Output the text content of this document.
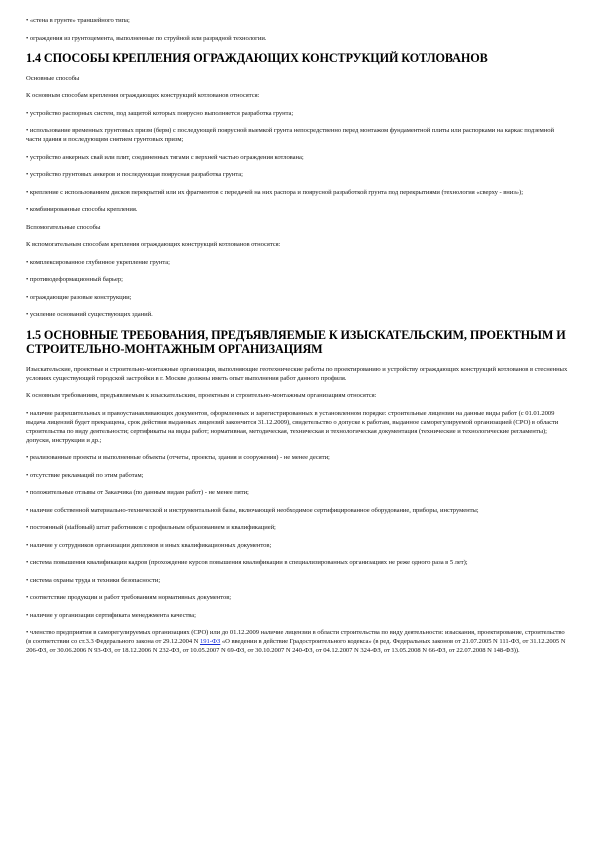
• «стена в грунте» траншейного типа;

• ограждения из грунтоцемента, выполненные по струйной или разрядной технологии.

1.4 СПОСОБЫ КРЕПЛЕНИЯ ОГРАЖДАЮЩИХ КОНСТРУКЦИЙ КОТЛОВАНОВ

Основные способы

К основным способам крепления ограждающих конструкций котлованов относятся:

• устройство распорных систем, под защитой которых поярусно выполняется разработка грунта;

• использование временных грунтовых призм (берм) с последующей поярусной выемкой грунта непосредственно перед монтажом фундаментной плиты или распорками на каркас подземной части здания и последующим снятием грунтовых призм;

• устройство анкерных свай или плит, соединенных тягами с верхней частью ограждения котлована;

• устройство грунтовых анкеров и последующая поярусная разработка грунта;

• крепление с использованием дисков перекрытий или их фрагментов с передачей на них распора и поярусной разработкой грунта под перекрытиями (технология «сверху - вниз»);

• комбинированные способы крепления.

Вспомогательные способы

К вспомогательным способам крепления ограждающих конструкций котлованов относятся:

• комплексированное глубинное укрепление грунта;

• противодеформационный барьер;

• ограждающие разовые конструкции;

• усиление оснований существующих зданий.

1.5 ОСНОВНЫЕ ТРЕБОВАНИЯ, ПРЕДЪЯВЛЯЕМЫЕ К ИЗЫСКАТЕЛЬСКИМ, ПРОЕКТНЫМ И СТРОИТЕЛЬНО-МОНТАЖНЫМ ОРГАНИЗАЦИЯМ

Изыскательские, проектные и строительно-монтажные организации, выполняющие геотехнические работы по проектированию и устройству ограждающих конструкций котлованов в стесненных условиях существующей городской застройки в г. Москве должны иметь опыт выполнения работ данного профиля.

К основным требованиям, предъявляемым к изыскательским, проектным и строительно-монтажным организациям относятся:

• наличие разрешительных и правоустанавливающих документов, оформленных и зарегистрированных в установленном порядке: строительные лицензии на данные виды работ (с 01.01.2009 выдача лицензий будет прекращена, срок действия выданных лицензий закончится 31.12.2009), свидетельство о допуске к работам, выданное саморегулируемой организацией (СРО) в области строительства по виду деятельности; сертификаты на виды работ; нормативная, методическая, техническая и технологическая документация (технические и технологические регламенты); допуски, инструкции и др.;

• реализованные проекты и выполненные объекты (отчеты, проекты, здания и сооружения) - не менее десяти;

• отсутствие рекламаций по этим работам;

• положительные отзывы от Заказчика (по данным видам работ) - не менее пяти;

• наличие собственной материально-технической и инструментальной базы, включающей необходимое сертифицированное оборудование, приборы, инструменты;

• постоянный (staffовый) штат работников с профильным образованием и квалификацией;

• наличие у сотрудников организации дипломов и иных квалификационных документов;

• система повышения квалификации кадров (прохождение курсов повышения квалификации в специализированных организациях не реже одного раза в 5 лет);

• система охраны труда и техники безопасности;

• соответствие продукции и работ требованиям нормативных документов;

• наличие у организации сертификата менеджмента качества;

• членство предприятия в саморегулируемых организациях (СРО) или до 01.12.2009 наличие лицензии в области строительства по виду деятельности: изыскания, проектирование, строительство (в соответствии со ст.3.3 Федерального закона от 29.12.2004 N 191-ФЗ «О введении в действие Градостроительного кодекса» (в ред. Федеральных законов от 21.07.2005 N 111-ФЗ, от 31.12.2005 N 206-ФЗ, от 30.06.2006 N 93-ФЗ, от 18.12.2006 N 232-ФЗ, от 10.05.2007 N 69-ФЗ, от 30.10.2007 N 240-ФЗ, от 04.12.2007 N 324-ФЗ, от 13.05.2008 N 66-ФЗ, от 22.07.2008 N 148-ФЗ)).
